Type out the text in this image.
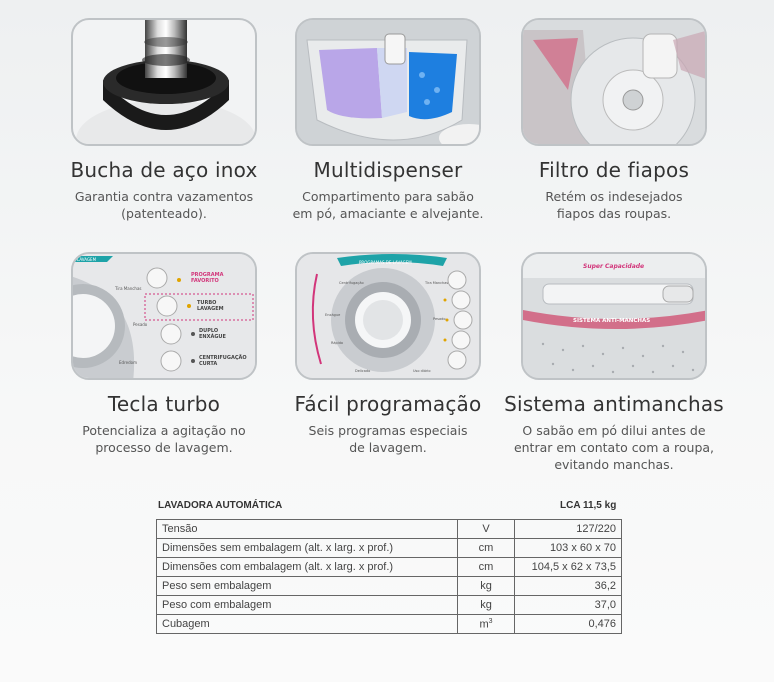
Bucha de aço inox
Garantia contra vazamentos
(patenteado).
Multidispenser
Compartimento para sabão
em pó, amaciante e alvejante.
Filtro de fiapos
Retém os indesejados
fiapos das roupas.
LAVAGEM
Tira Manchas
Pesado
Edredom
PROGRAMA
FAVORITO
TURBO
LAVAGEM
DUPLO
ENXÁGUE
CENTRIFUGAÇÃO
CURTA
Tecla turbo
Potencializa a agitação no
processo de lavagem.
PROGRAMAS DE LAVAGEM
Centrifugação
Enxágue
Rápido
Delicado
Tira Manchas
Pesado
Uso diário
Fácil programação
Seis programas especiais
de lavagem.
Super Capacidade
SISTEMA ANTI-MANCHAS
Sistema antimanchas
O sabão em pó dilui antes de
entrar em contato com a roupa,
evitando manchas.
LAVADORA AUTOMÁTICA	LCA 11,5 kg
Tensão	V	127/220
Dimensões sem embalagem (alt. x larg. x prof.)	cm	103 x 60 x 70
Dimensões com embalagem (alt. x larg. x prof.)	cm	104,5 x 62 x 73,5
Peso sem embalagem	kg	36,2
Peso com embalagem	kg	37,0
Cubagem	$m^3$	0,476
